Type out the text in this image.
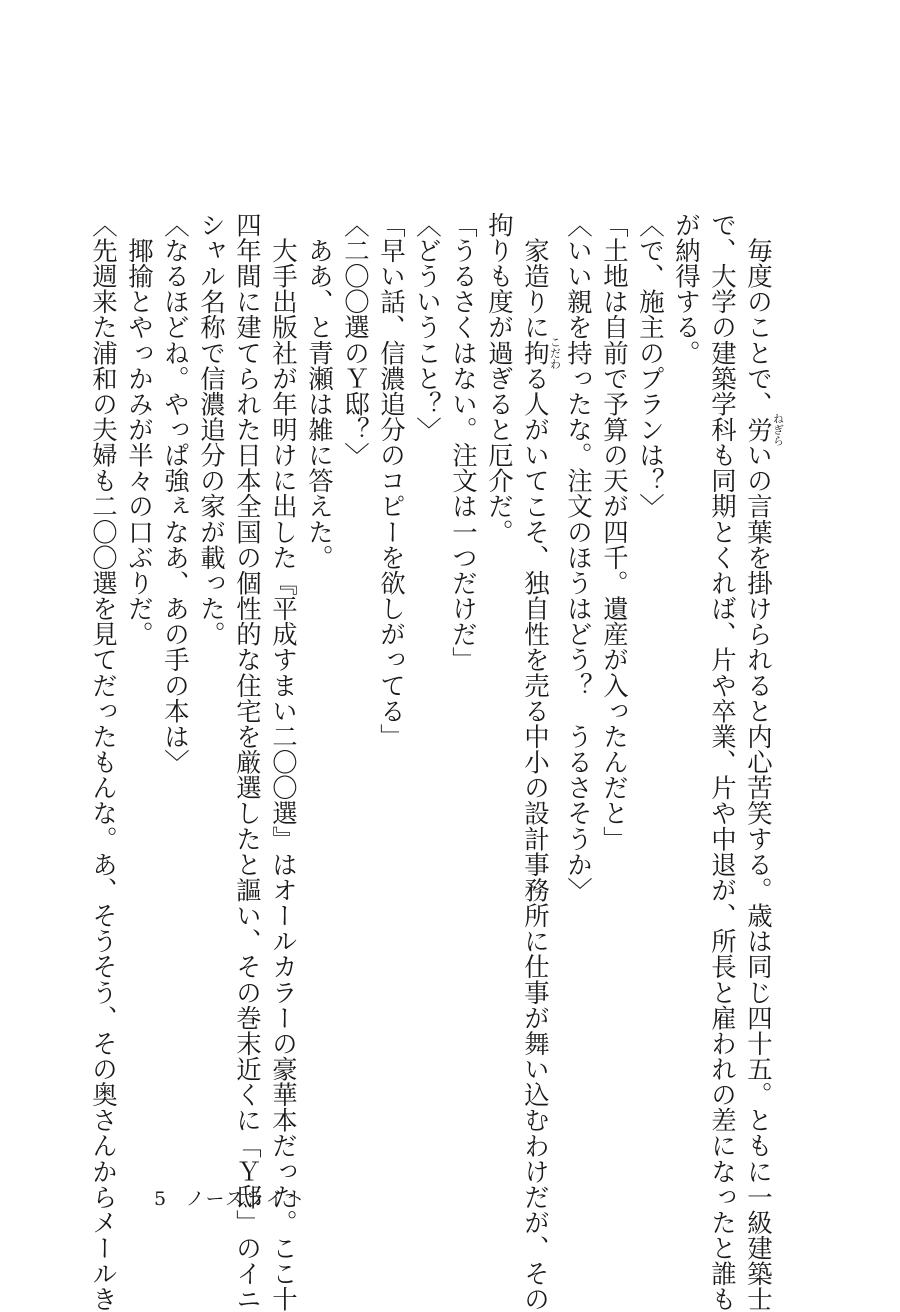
　毎度のことで、労ねぎらいの言葉を掛けられると内心苦笑する。歳は同じ四十五。ともに一級建築士
で、大学の建築学科も同期とくれば、片や卒業、片や中退が、所長と雇われの差になったと誰も
が納得する。
〈で、施主のプランは？〉
「土地は自前で予算の天が四千。遺産が入ったんだと」
〈いい親を持ったな。注文のほうはどう？　うるさそうか〉
　家造りに拘こだわる人がいてこそ、独自性を売る中小の設計事務所に仕事が舞い込むわけだが、その
拘りも度が過ぎると厄介だ。
「うるさくはない。注文は一つだけだ」
〈どういうこと？〉
「早い話、信濃追分のコピーを欲しがってる」
〈二〇〇選のＹ邸？〉
　ああ、と青瀬は雑に答えた。
　大手出版社が年明けに出した『平成すまい二〇〇選』はオールカラーの豪華本だった。ここ十
四年間に建てられた日本全国の個性的な住宅を厳選したと謳い、その巻末近くに「Ｙ邸」のイニ
シャル名称で信濃追分の家が載った。
〈なるほどね。やっぱ強ぇなあ、あの手の本は〉
　揶揄とやっかみが半々の口ぶりだ。
〈先週来た浦和の夫婦も二〇〇選を見てだったもんな。あ、そうそう、その奥さんからメールき 5 ノースライト
